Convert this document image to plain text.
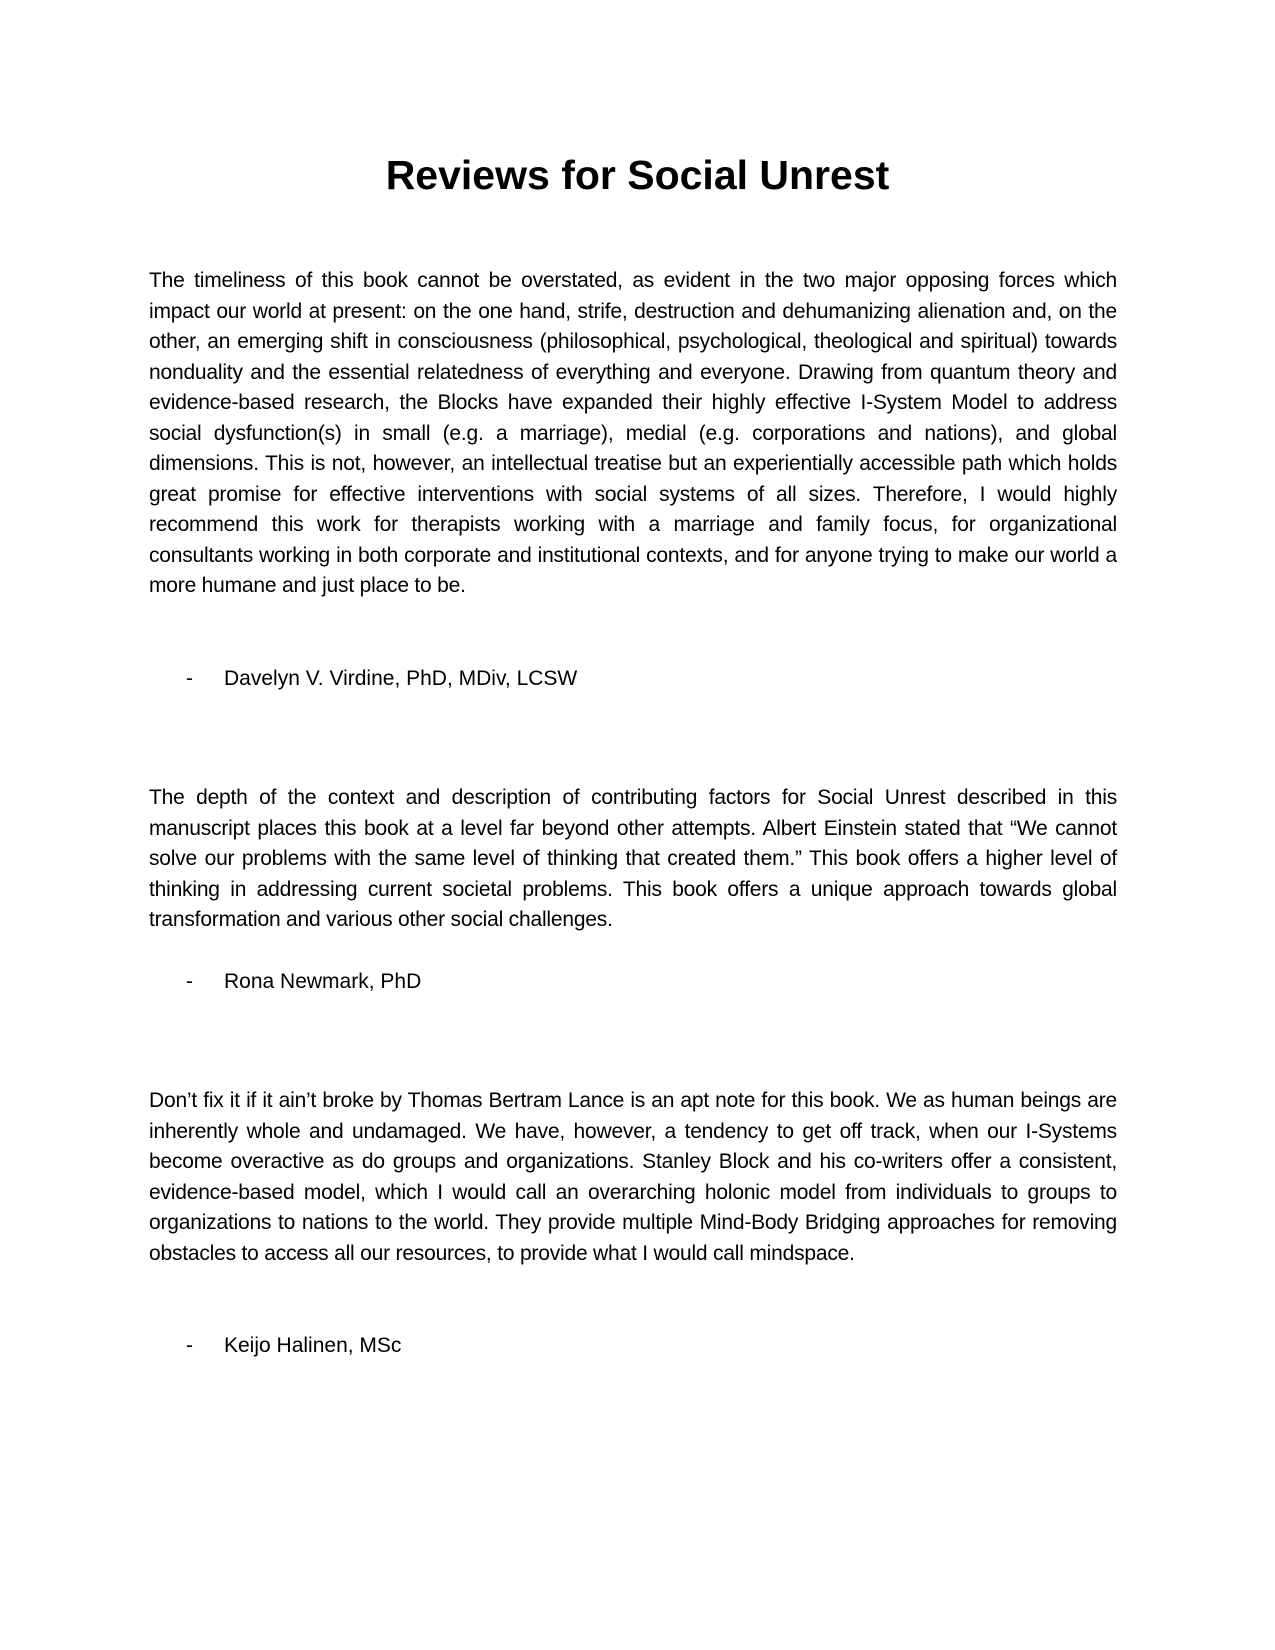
Reviews for Social Unrest

The timeliness of this book cannot be overstated, as evident in the two major opposing forces which impact our world at present: on the one hand, strife, destruction and dehumanizing alienation and, on the other, an emerging shift in consciousness (philosophical, psychological, theological and spiritual) towards nonduality and the essential relatedness of everything and everyone. Drawing from quantum theory and evidence-based research, the Blocks have expanded their highly effective I-System Model to address social dysfunction(s) in small (e.g. a marriage), medial (e.g. corporations and nations), and global dimensions. This is not, however, an intellectual treatise but an experientially accessible path which holds great promise for effective interventions with social systems of all sizes. Therefore, I would highly recommend this work for therapists working with a marriage and family focus, for organizational consultants working in both corporate and institutional contexts, and for anyone trying to make our world a more humane and just place to be.

- Davelyn V. Virdine, PhD, MDiv, LCSW

The depth of the context and description of contributing factors for Social Unrest described in this manuscript places this book at a level far beyond other attempts. Albert Einstein stated that “We cannot solve our problems with the same level of thinking that created them.” This book offers a higher level of thinking in addressing current societal problems. This book offers a unique approach towards global transformation and various other social challenges.

- Rona Newmark, PhD

Don’t fix it if it ain’t broke by Thomas Bertram Lance is an apt note for this book. We as human beings are inherently whole and undamaged. We have, however, a tendency to get off track, when our I-Systems become overactive as do groups and organizations. Stanley Block and his co-writers offer a consistent, evidence-based model, which I would call an overarching holonic model from individuals to groups to organizations to nations to the world. They provide multiple Mind-Body Bridging approaches for removing obstacles to access all our resources, to provide what I would call mindspace.

- Keijo Halinen, MSc
